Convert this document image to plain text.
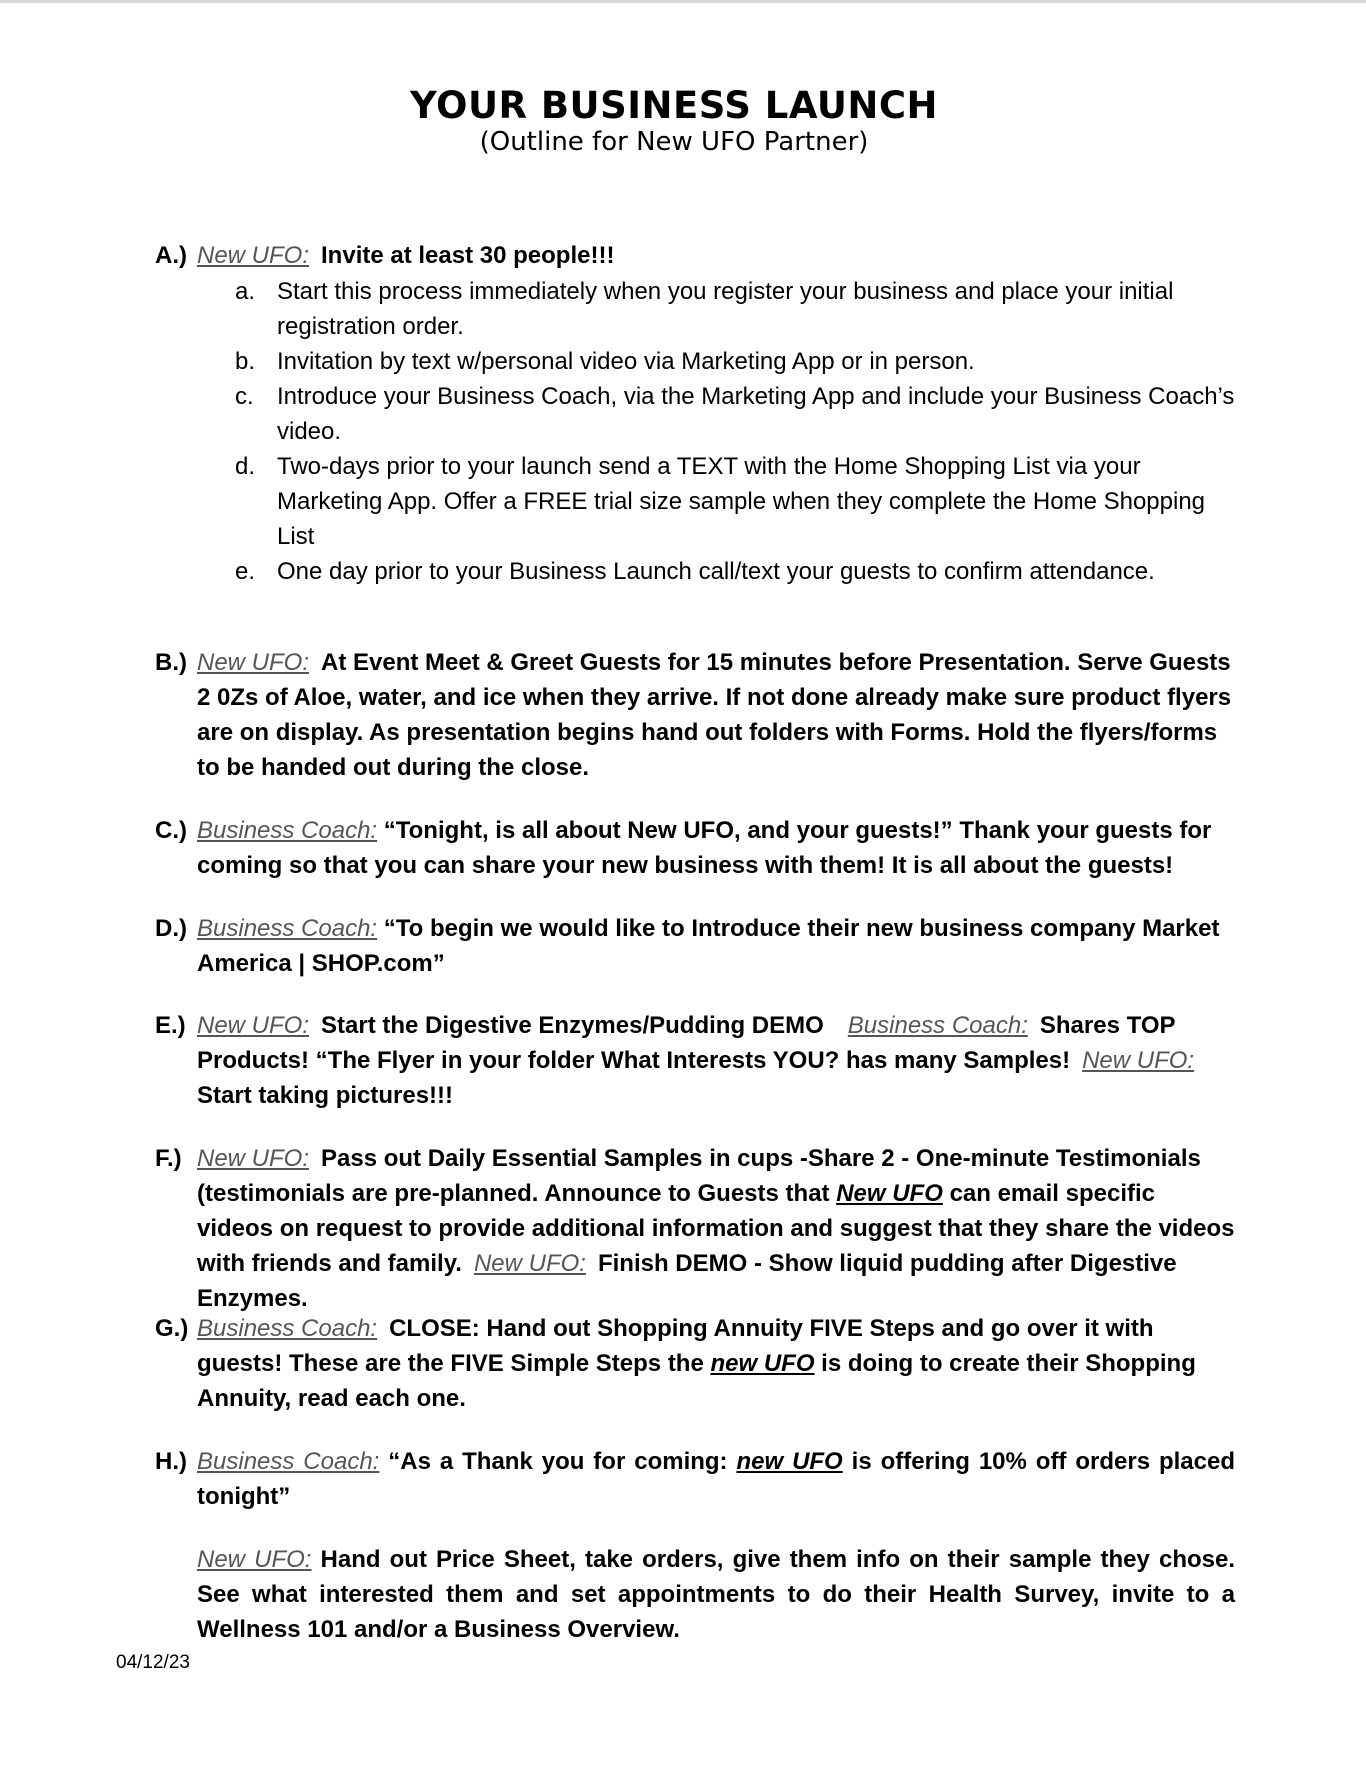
YOUR BUSINESS LAUNCH

(Outline for New UFO Partner)

A.) New UFO: Invite at least 30 people!!!
a. Start this process immediately when you register your business and place your initial registration order.
b. Invitation by text w/personal video via Marketing App or in person.
c. Introduce your Business Coach, via the Marketing App and include your Business Coach’s video.
d. Two-days prior to your launch send a TEXT with the Home Shopping List via your Marketing App. Offer a FREE trial size sample when they complete the Home Shopping List
e. One day prior to your Business Launch call/text your guests to confirm attendance.
B.) New UFO: At Event Meet & Greet Guests for 15 minutes before Presentation. Serve Guests 2 0Zs of Aloe, water, and ice when they arrive. If not done already make sure product flyers are on display. As presentation begins hand out folders with Forms. Hold the flyers/forms to be handed out during the close.
C.) Business Coach: “Tonight, is all about New UFO, and your guests!” Thank your guests for coming so that you can share your new business with them! It is all about the guests!
D.) Business Coach: “To begin we would like to Introduce their new business company Market America | SHOP.com”
E.) New UFO: Start the Digestive Enzymes/Pudding DEMO Business Coach: Shares TOP Products! “The Flyer in your folder What Interests YOU? has many Samples! New UFO: Start taking pictures!!!
F.) New UFO: Pass out Daily Essential Samples in cups -Share 2 - One-minute Testimonials (testimonials are pre-planned. Announce to Guests that New UFO can email specific videos on request to provide additional information and suggest that they share the videos with friends and family. New UFO: Finish DEMO - Show liquid pudding after Digestive Enzymes.
G.) Business Coach: CLOSE: Hand out Shopping Annuity FIVE Steps and go over it with guests! These are the FIVE Simple Steps the new UFO is doing to create their Shopping Annuity, read each one.
H.) Business Coach: “As a Thank you for coming: new UFO is offering 10% off orders placed tonight”
New UFO: Hand out Price Sheet, take orders, give them info on their sample they chose. See what interested them and set appointments to do their Health Survey, invite to a Wellness 101 and/or a Business Overview.
04/12/23
